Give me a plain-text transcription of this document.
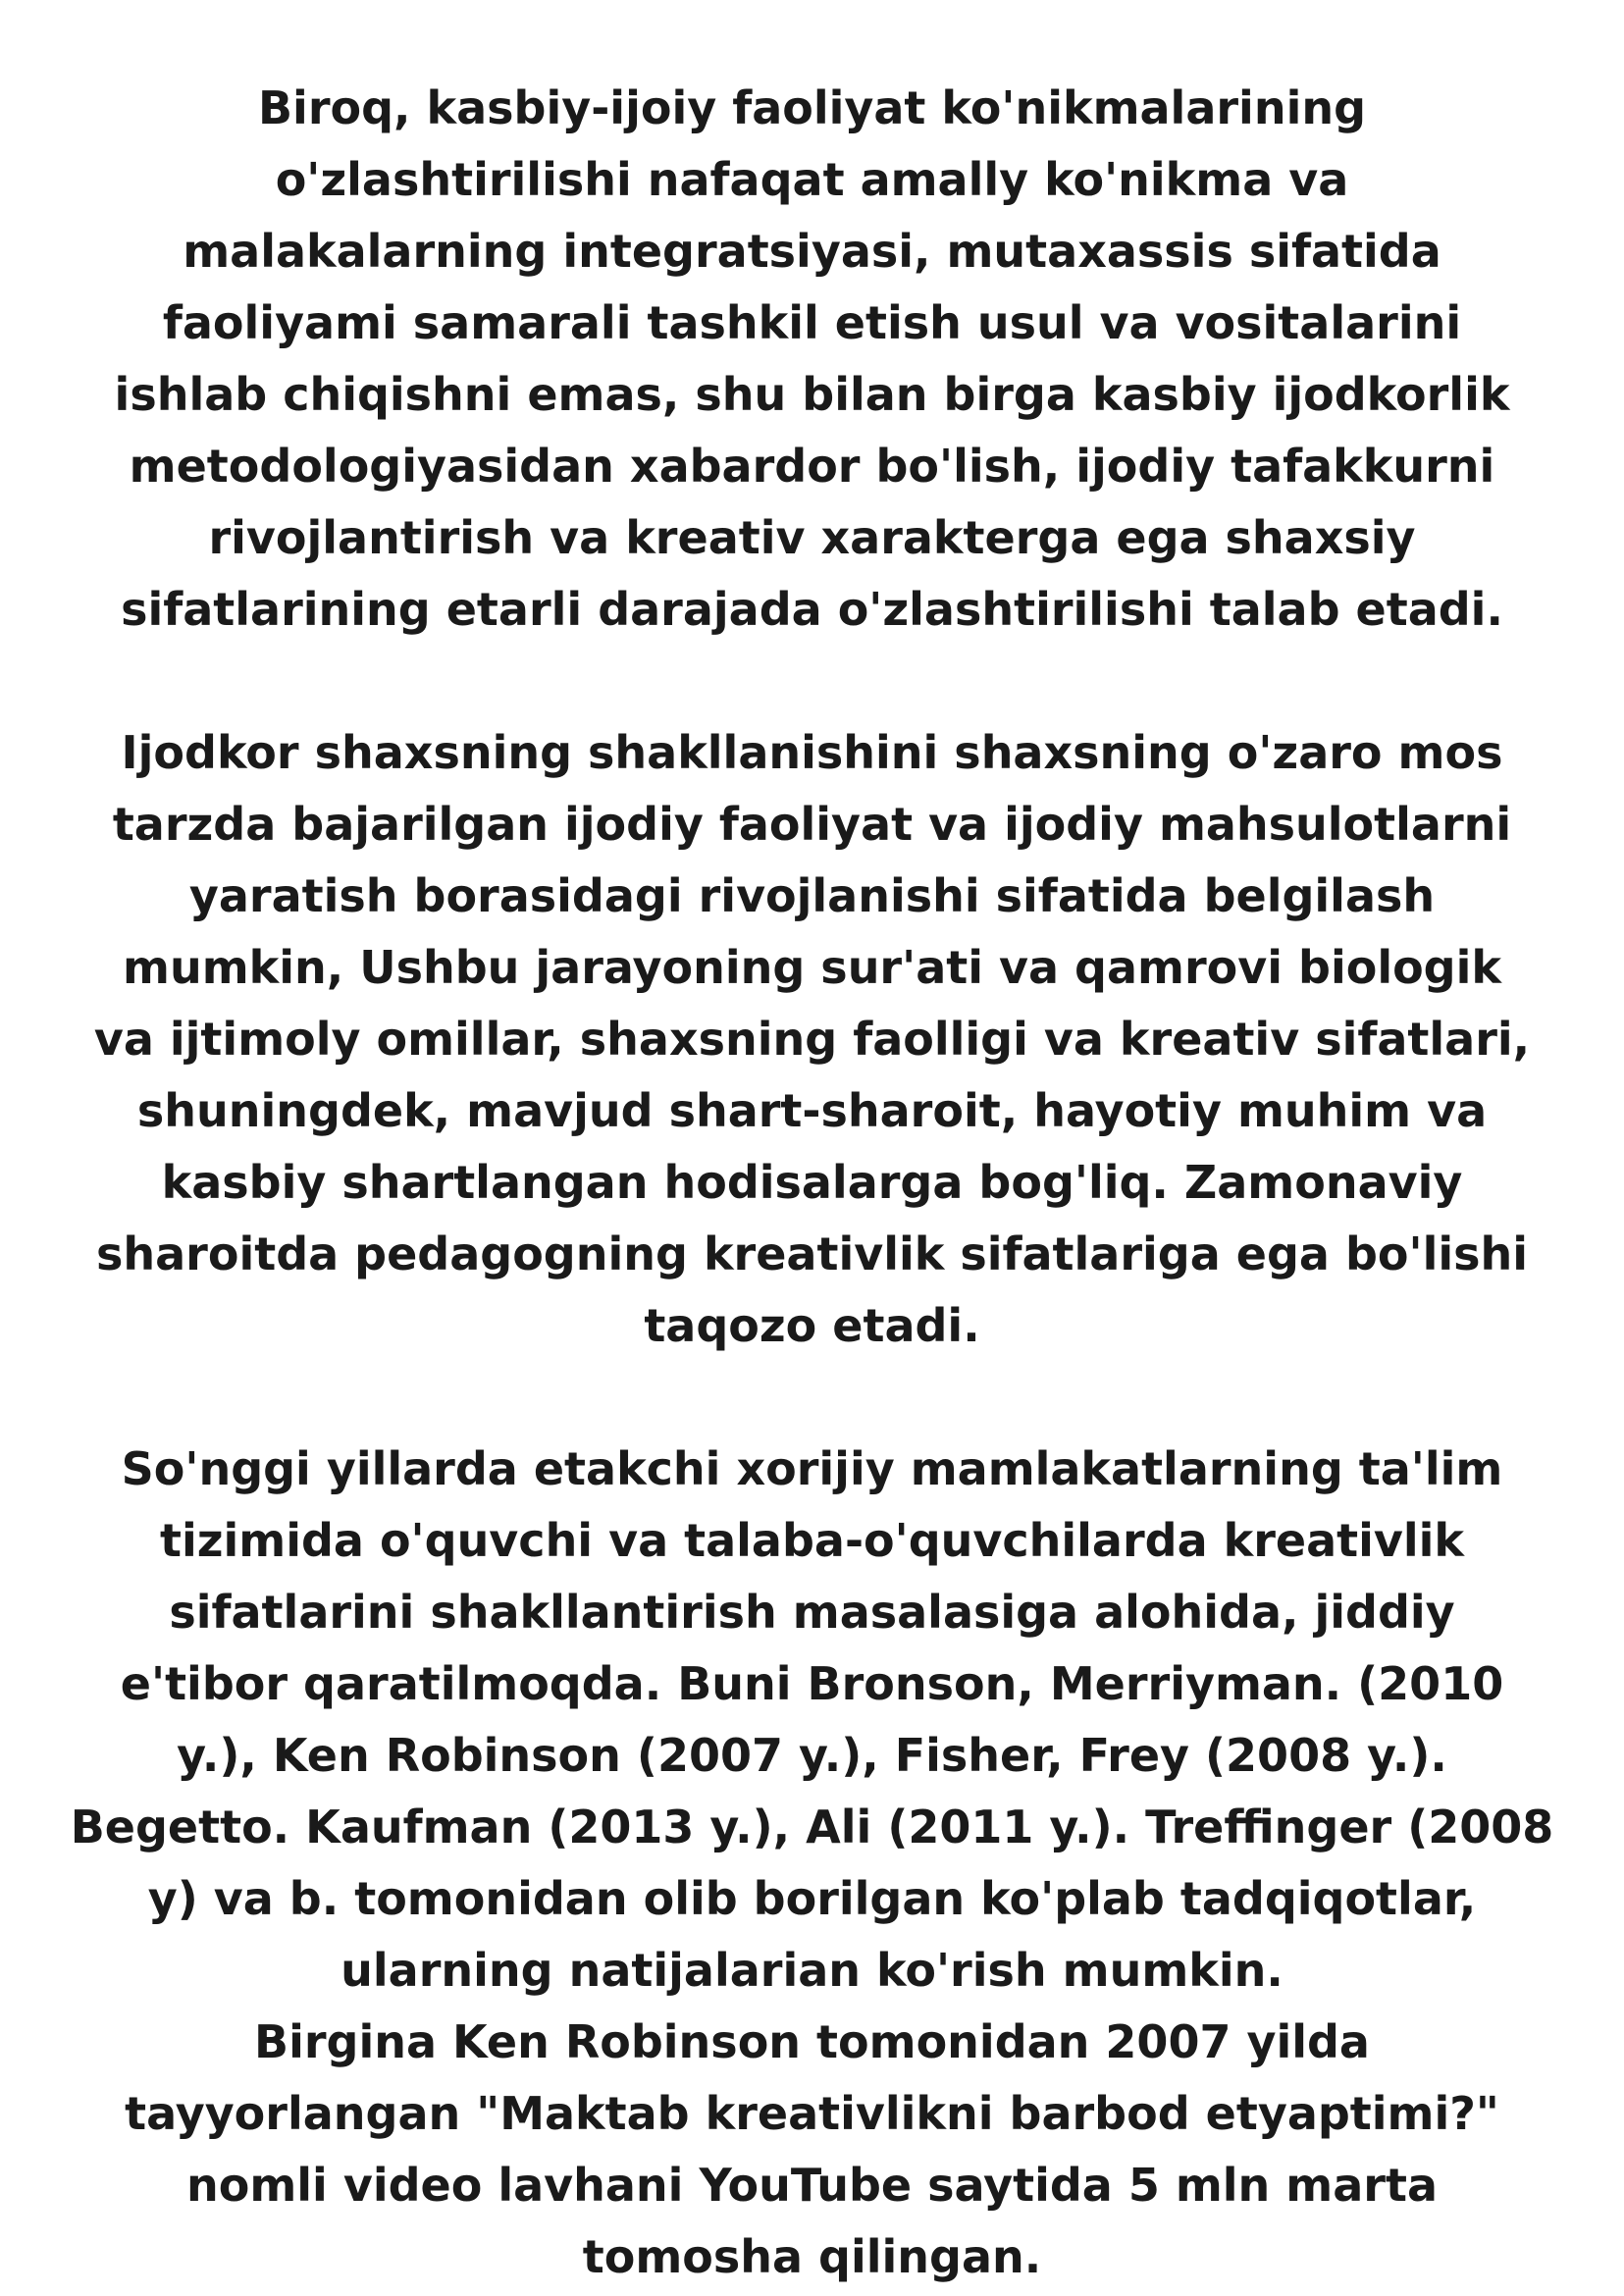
Biroq, kasbiy-ijoiy faoliyat ko'nikmalarining
o'zlashtirilishi nafaqat amally ko'nikma va
malakalarning integratsiyasi, mutaxassis sifatida
faoliyami samarali tashkil etish usul va vositalarini
ishlab chiqishni emas, shu bilan birga kasbiy ijodkorlik
metodologiyasidan xabardor bo'lish, ijodiy tafakkurni
rivojlantirish va kreativ xarakterga ega shaxsiy
sifatlarining etarli darajada o'zlashtirilishi talab etadi.

Ijodkor shaxsning shakllanishini shaxsning o'zaro mos
tarzda bajarilgan ijodiy faoliyat va ijodiy mahsulotlarni
yaratish borasidagi rivojlanishi sifatida belgilash
mumkin, Ushbu jarayoning sur'ati va qamrovi biologik
va ijtimoly omillar, shaxsning faolligi va kreativ sifatlari,
shuningdek, mavjud shart-sharoit, hayotiy muhim va
kasbiy shartlangan hodisalarga bog'liq. Zamonaviy
sharoitda pedagogning kreativlik sifatlariga ega bo'lishi
taqozo etadi.

So'nggi yillarda etakchi xorijiy mamlakatlarning ta'lim
tizimida o'quvchi va talaba-o'quvchilarda kreativlik
sifatlarini shakllantirish masalasiga alohida, jiddiy
e'tibor qaratilmoqda. Buni Bronson, Merriyman. (2010
y.), Ken Robinson (2007 y.), Fisher, Frey (2008 y.).
Begetto. Kaufman (2013 y.), Ali (2011 y.). Treffinger (2008
y) va b. tomonidan olib borilgan ko'plab tadqiqotlar,
ularning natijalarian ko'rish mumkin.
Birgina Ken Robinson tomonidan 2007 yilda
tayyorlangan "Maktab kreativlikni barbod etyaptimi?"
nomli video lavhani YouTube saytida 5 mln marta
tomosha qilingan.
